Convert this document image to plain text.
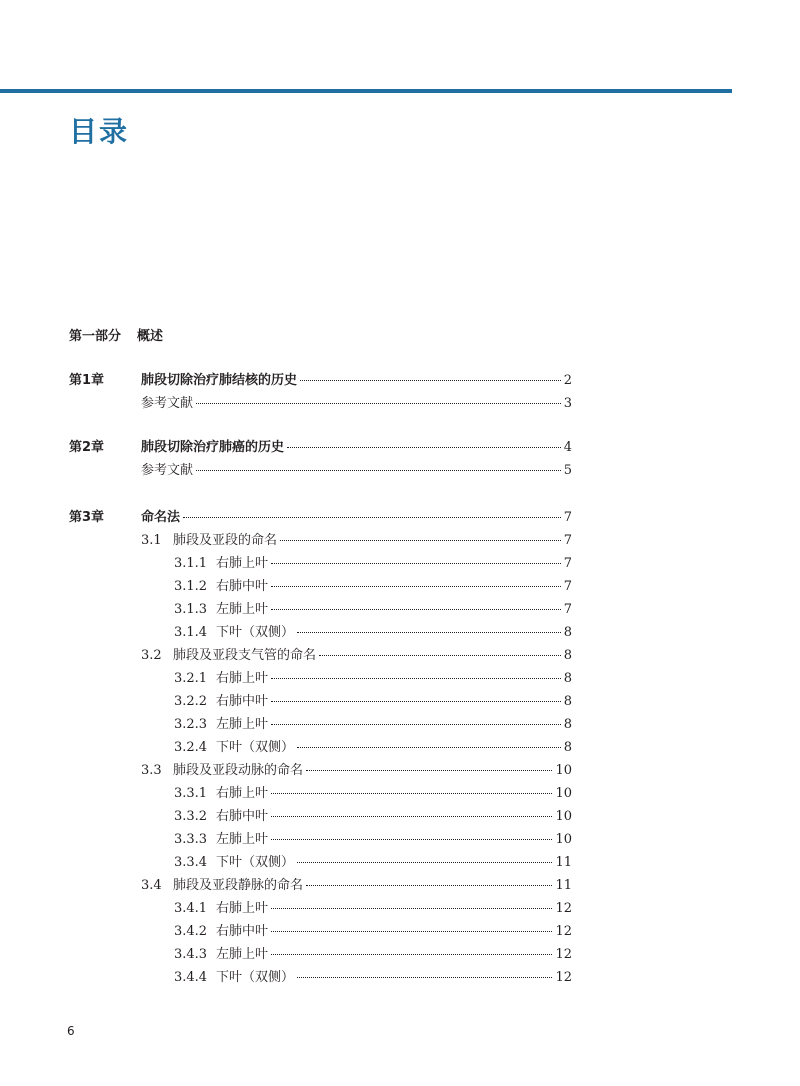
目录
第一部分 概述
第1章	肺段切除治疗肺结核的历史	2
参考文献	3
第2章	肺段切除治疗肺癌的历史	4
参考文献	5
第3章	命名法	7
3.1 肺段及亚段的命名	7
3.1.1 右肺上叶	7
3.1.2 右肺中叶	7
3.1.3 左肺上叶	7
3.1.4 下叶（双侧）	8
3.2 肺段及亚段支气管的命名	8
3.2.1 右肺上叶	8
3.2.2 右肺中叶	8
3.2.3 左肺上叶	8
3.2.4 下叶（双侧）	8
3.3 肺段及亚段动脉的命名	10
3.3.1 右肺上叶	10
3.3.2 右肺中叶	10
3.3.3 左肺上叶	10
3.3.4 下叶（双侧）	11
3.4 肺段及亚段静脉的命名	11
3.4.1 右肺上叶	12
3.4.2 右肺中叶	12
3.4.3 左肺上叶	12
3.4.4 下叶（双侧）	12
6
